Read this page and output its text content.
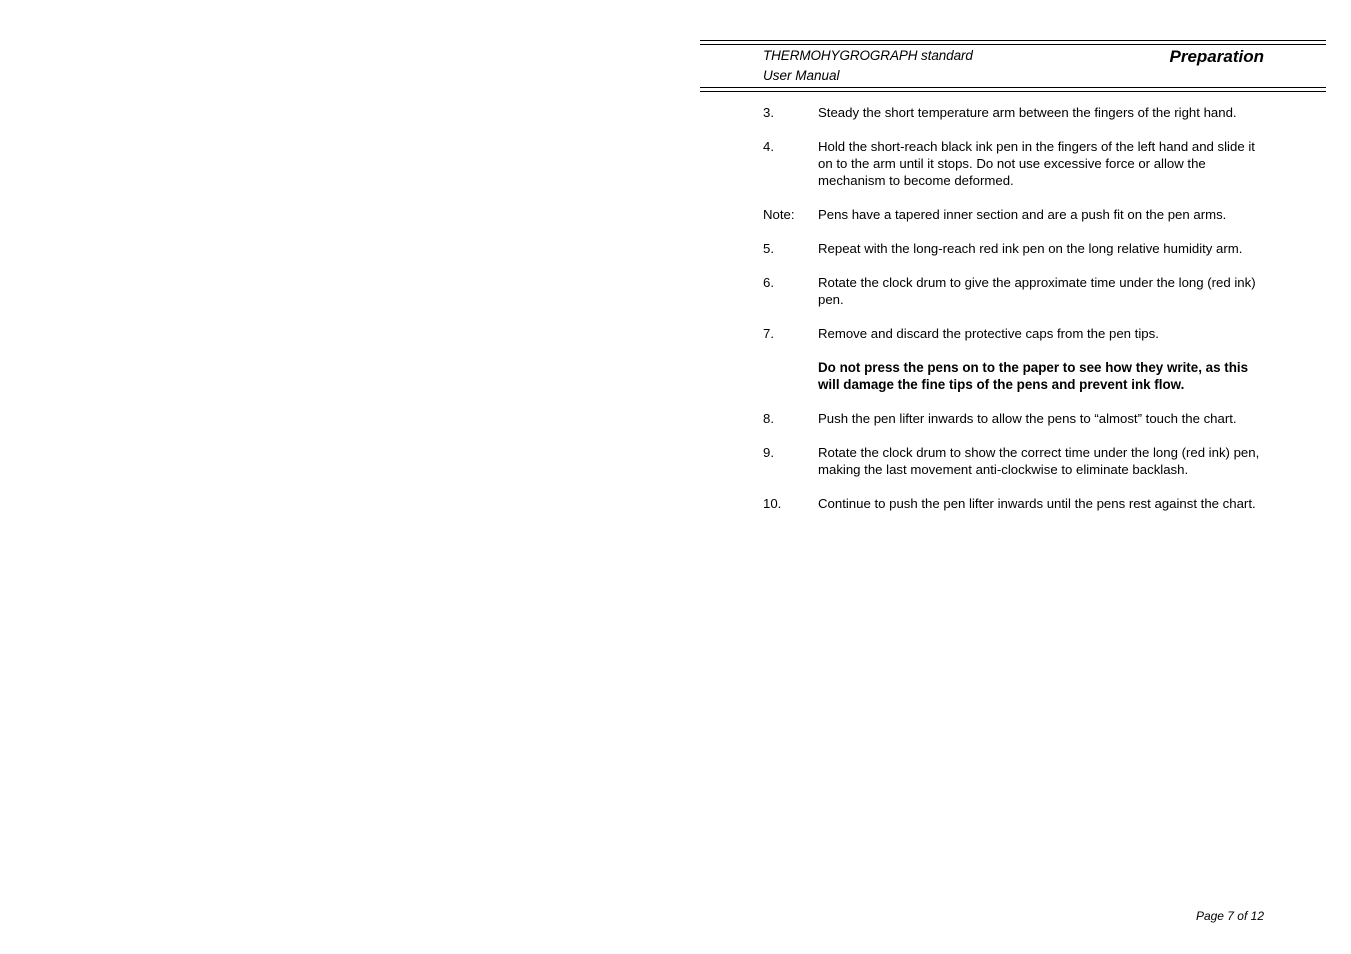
THERMOHYGROGRAPH standard
User Manual
Preparation
3.	Steady the short temperature arm between the fingers of the right hand.
4.	Hold the short-reach black ink pen in the fingers of the left hand and slide it on to the arm until it stops. Do not use excessive force or allow the mechanism to become deformed.
Note: Pens have a tapered inner section and are a push fit on the pen arms.
5.	Repeat with the long-reach red ink pen on the long relative humidity arm.
6.	Rotate the clock drum to give the approximate time under the long (red ink) pen.
7.	Remove and discard the protective caps from the pen tips.
Do not press the pens on to the paper to see how they write, as this will damage the fine tips of the pens and prevent ink flow.
8.	Push the pen lifter inwards to allow the pens to “almost” touch the chart.
9.	Rotate the clock drum to show the correct time under the long (red ink) pen, making the last movement anti-clockwise to eliminate backlash.
10.	Continue to push the pen lifter inwards until the pens rest against the chart.
Page 7 of 12
